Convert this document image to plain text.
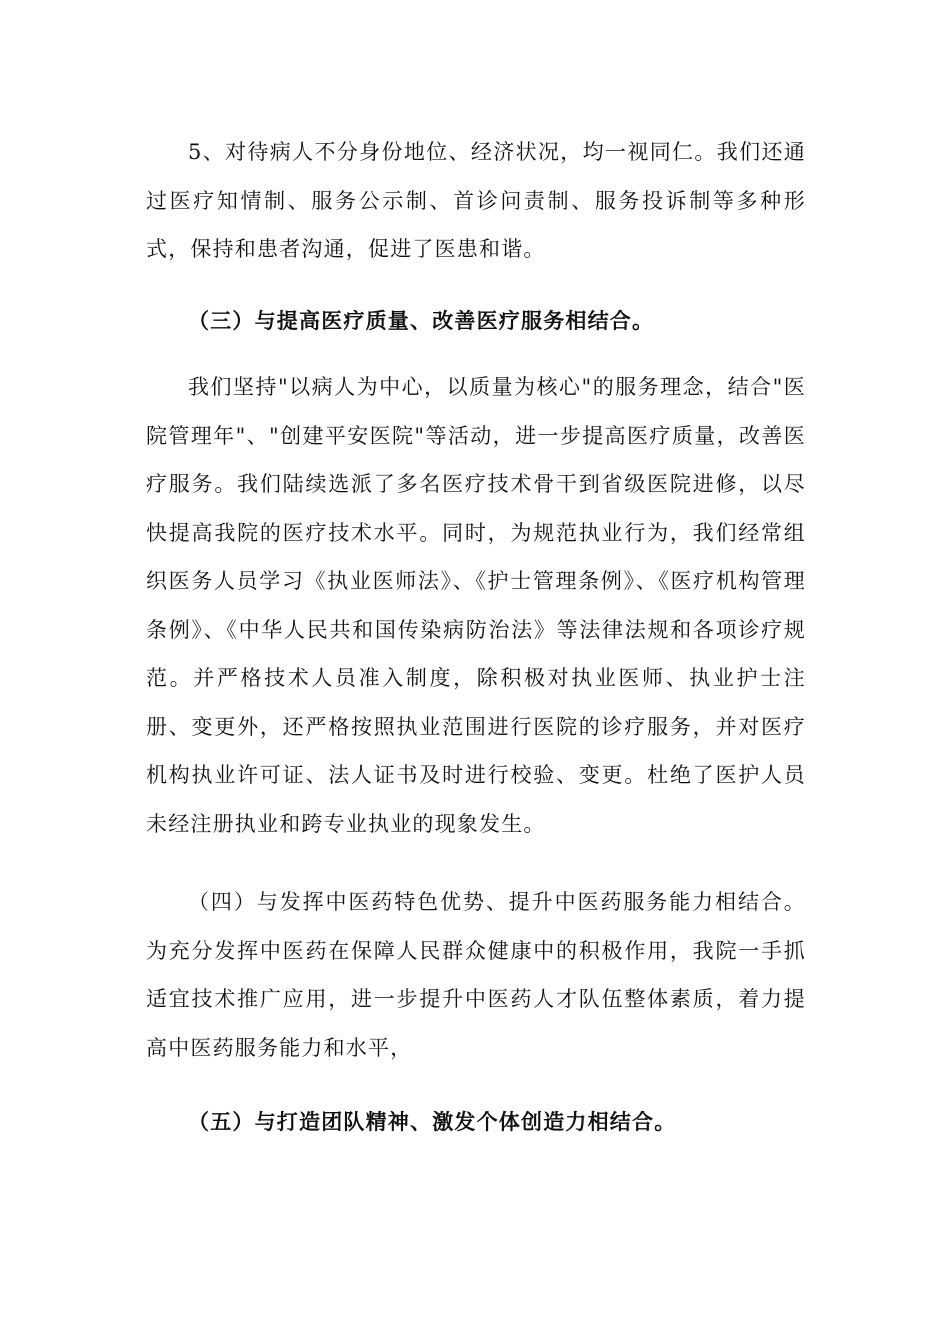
5、对待病人不分身份地位、经济状况，均一视同仁。我们还通过医疗知情制、服务公示制、首诊问责制、服务投诉制等多种形式，保持和患者沟通，促进了医患和谐。

（三）与提高医疗质量、改善医疗服务相结合。

我们坚持"以病人为中心，以质量为核心"的服务理念，结合"医院管理年"、"创建平安医院"等活动，进一步提高医疗质量，改善医疗服务。我们陆续选派了多名医疗技术骨干到省级医院进修，以尽快提高我院的医疗技术水平。同时，为规范执业行为，我们经常组织医务人员学习《执业医师法》、《护士管理条例》、《医疗机构管理条例》、《中华人民共和国传染病防治法》等法律法规和各项诊疗规范。并严格技术人员准入制度，除积极对执业医师、执业护士注册、变更外，还严格按照执业范围进行医院的诊疗服务，并对医疗机构执业许可证、法人证书及时进行校验、变更。杜绝了医护人员未经注册执业和跨专业执业的现象发生。

（四）与发挥中医药特色优势、提升中医药服务能力相结合。为充分发挥中医药在保障人民群众健康中的积极作用，我院一手抓适宜技术推广应用，进一步提升中医药人才队伍整体素质，着力提高中医药服务能力和水平，

（五）与打造团队精神、激发个体创造力相结合。
